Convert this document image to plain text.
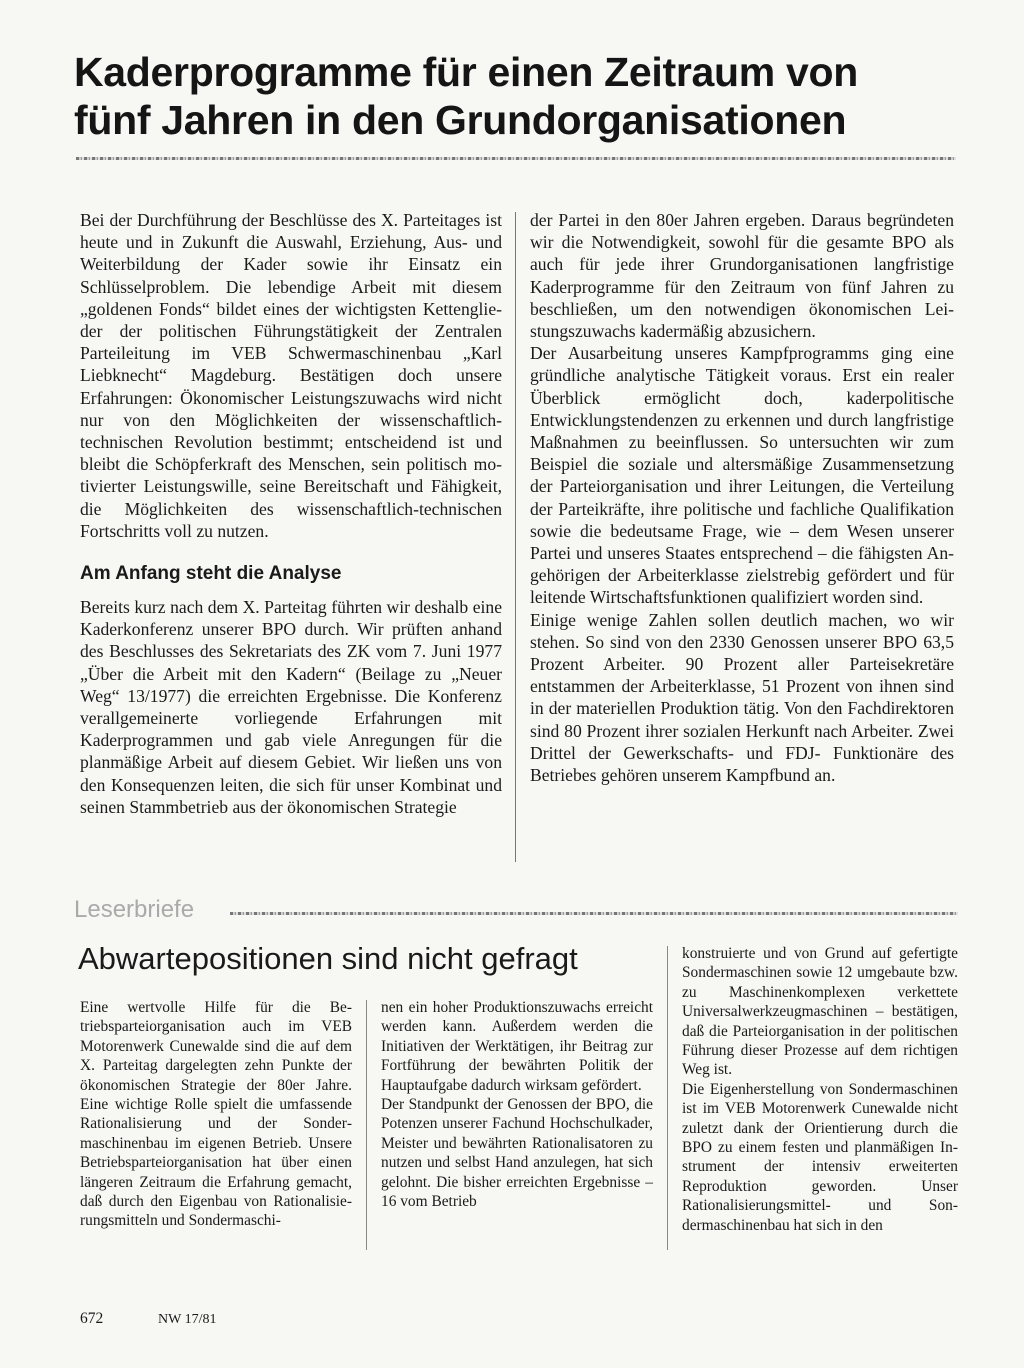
Kaderprogramme für einen Zeitraum von
fünf Jahren in den Grundorganisationen

Bei der Durchführung der Beschlüsse des X. Parteitages ist heute und in Zukunft die Auswahl, Erziehung, Aus- und Weiterbildung der Kader sowie ihr Einsatz ein Schlüsselproblem. Die lebendige Arbeit mit diesem „goldenen Fonds“ bildet eines der wichtigsten Kettenglieder der politischen Führungstätigkeit der Zentralen Parteileitung im VEB Schwermaschinenbau „Karl Liebknecht“ Magdeburg. Bestätigen doch unsere Erfahrungen: Ökonomischer Leistungszuwachs wird nicht nur von den Möglichkeiten der wissenschaftlich-technischen Revolution bestimmt; entscheidend ist und bleibt die Schöpferkraft des Menschen, sein politisch motivierter Leistungswille, seine Bereitschaft und Fähigkeit, die Möglichkeiten des wissenschaftlich-technischen Fortschritts voll zu nutzen.

Am Anfang steht die Analyse

Bereits kurz nach dem X. Parteitag führten wir deshalb eine Kaderkonferenz unserer BPO durch. Wir prüften anhand des Beschlusses des Sekretariats des ZK vom 7. Juni 1977 „Über die Arbeit mit den Kadern“ (Beilage zu „Neuer Weg“ 13/1977) die erreichten Ergebnisse. Die Konferenz verallgemeinerte vorliegende Erfahrungen mit Kaderprogrammen und gab viele Anregungen für die planmäßige Arbeit auf diesem Gebiet. Wir ließen uns von den Konsequenzen leiten, die sich für unser Kombinat und seinen Stammbetrieb aus der ökonomischen Strategie

der Partei in den 80er Jahren ergeben. Daraus begründeten wir die Notwendigkeit, sowohl für die gesamte BPO als auch für jede ihrer Grundorganisationen langfristige Kaderprogramme für den Zeitraum von fünf Jahren zu beschließen, um den notwendigen ökonomischen Leistungszuwachs kadermäßig abzusichern.

Der Ausarbeitung unseres Kampfprogramms ging eine gründliche analytische Tätigkeit voraus. Erst ein realer Überblick ermöglicht doch, kaderpolitische Entwicklungstendenzen zu erkennen und durch langfristige Maßnahmen zu beeinflussen. So untersuchten wir zum Beispiel die soziale und altersmäßige Zusammensetzung der Parteiorganisation und ihrer Leitungen, die Verteilung der Parteikräfte, ihre politische und fachliche Qualifikation sowie die bedeutsame Frage, wie – dem Wesen unserer Partei und unseres Staates entsprechend – die fähigsten Angehörigen der Arbeiterklasse zielstrebig gefördert und für leitende Wirtschaftsfunktionen qualifiziert worden sind.

Einige wenige Zahlen sollen deutlich machen, wo wir stehen. So sind von den 2330 Genossen unserer BPO 63,5 Prozent Arbeiter. 90 Prozent aller Parteisekretäre entstammen der Arbeiterklasse, 51 Prozent von ihnen sind in der materiellen Produktion tätig. Von den Fachdirektoren sind 80 Prozent ihrer sozialen Herkunft nach Arbeiter. Zwei Drittel der Gewerkschafts- und FDJ- Funktionäre des Betriebes gehören unserem Kampfbund an.

Leserbriefe
Abwartepositionen sind nicht gefragt

Eine wertvolle Hilfe für die Betriebsparteiorganisation auch im VEB Motorenwerk Cunewalde sind die auf dem X. Parteitag dargelegten zehn Punkte der ökonomischen Strategie der 80er Jahre. Eine wichtige Rolle spielt die umfassende Rationalisierung und der Sondermaschinenbau im eigenen Betrieb. Unsere Betriebsparteiorganisation hat über einen längeren Zeitraum die Erfahrung gemacht, daß durch den Eigenbau von Rationalisierungsmitteln und Sondermaschi-

nen ein hoher Produktionszuwachs erreicht werden kann. Außerdem werden die Initiativen der Werktätigen, ihr Beitrag zur Fortführung der bewährten Politik der Hauptaufgabe dadurch wirksam gefördert.

Der Standpunkt der Genossen der BPO, die Potenzen unserer Fachund Hochschulkader, Meister und bewährten Rationalisatoren zu nutzen und selbst Hand anzulegen, hat sich gelohnt. Die bisher erreichten Ergebnisse – 16 vom Betrieb

konstruierte und von Grund auf gefertigte Sondermaschinen sowie 12 umgebaute bzw. zu Maschinenkomplexen verkettete Universalwerkzeugmaschinen – bestätigen, daß die Parteiorganisation in der politischen Führung dieser Prozesse auf dem richtigen Weg ist.

Die Eigenherstellung von Sondermaschinen ist im VEB Motorenwerk Cunewalde nicht zuletzt dank der Orientierung durch die BPO zu einem festen und planmäßigen Instrument der intensiv erweiterten Reproduktion geworden. Unser Rationalisierungsmittel- und Sondermaschinenbau hat sich in den

672	NW 17/81
